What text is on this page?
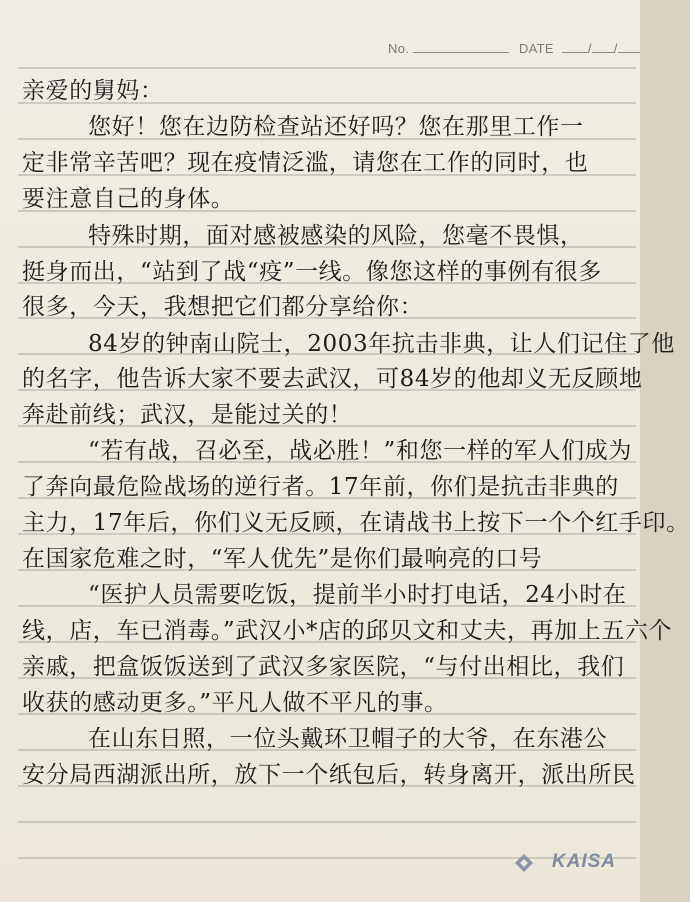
No.	DATE	/ /
亲爱的舅妈：
您好！您在边防检查站还好吗？您在那里工作一
定非常辛苦吧？现在疫情泛滥，请您在工作的同时，也
要注意自己的身体。
特殊时期，面对感被感染的风险，您毫不畏惧，
挺身而出，“站到了战“疫”一线。像您这样的事例有很多
很多，今天，我想把它们都分享给你：
84岁的钟南山院士，2003年抗击非典，让人们记住了他
的名字，他告诉大家不要去武汉，可84岁的他却义无反顾地
奔赴前线；武汉，是能过关的！
“若有战，召必至，战必胜！”和您一样的军人们成为
了奔向最危险战场的逆行者。17年前，你们是抗击非典的
主力，17年后，你们义无反顾，在请战书上按下一个个红手印。
在国家危难之时，“军人优先”是你们最响亮的口号
“医护人员需要吃饭，提前半小时打电话，24小时在
线，店，车已消毒。”武汉小*店的邱贝文和丈夫，再加上五六个
亲戚，把盒饭饭送到了武汉多家医院，“与付出相比，我们
收获的感动更多。”平凡人做不平凡的事。
在山东日照，一位头戴环卫帽子的大爷，在东港公
安分局西湖派出所，放下一个纸包后，转身离开，派出所民
KAISA
